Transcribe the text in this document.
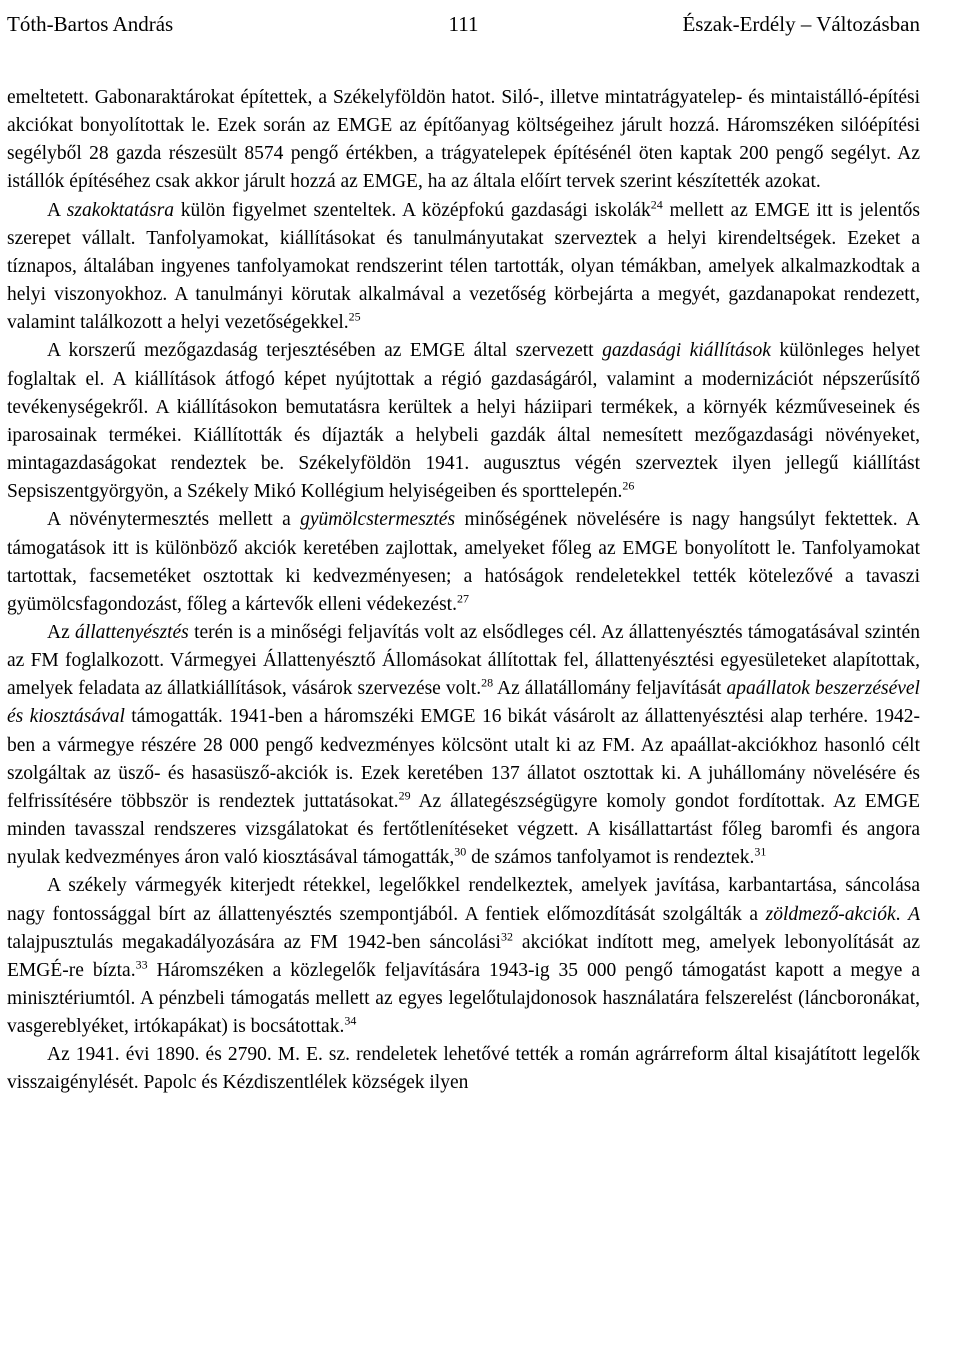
Tóth-Bartos András	111	Észak-Erdély – Változásban

emeltetett. Gabonaraktárokat építettek, a Székelyföldön hatot. Siló-, illetve mintatrágyatelep- és mintaistálló-építési akciókat bonyolítottak le. Ezek során az EMGE az építőanyag költségeihez járult hozzá. Háromszéken silóépítési segélyből 28 gazda részesült 8574 pengő értékben, a trágyatelepek építésénél öten kaptak 200 pengő segélyt. Az istállók építéséhez csak akkor járult hozzá az EMGE, ha az általa előírt tervek szerint készítették azokat.

A szakoktatásra külön figyelmet szenteltek. A középfokú gazdasági iskolák$^{24}$ mellett az EMGE itt is jelentős szerepet vállalt. Tanfolyamokat, kiállításokat és tanulmányutakat szerveztek a helyi kirendeltségek. Ezeket a tíznapos, általában ingyenes tanfolyamokat rendszerint télen tartották, olyan témákban, amelyek alkalmazkodtak a helyi viszonyokhoz. A tanulmányi körutak alkalmával a vezetőség körbejárta a megyét, gazdanapokat rendezett, valamint találkozott a helyi vezetőségekkel.$^{25}$

A korszerű mezőgazdaság terjesztésében az EMGE által szervezett gazdasági kiállítások különleges helyet foglaltak el. A kiállítások átfogó képet nyújtottak a régió gazdaságáról, valamint a modernizációt népszerűsítő tevékenységekről. A kiállításokon bemutatásra kerültek a helyi háziipari termékek, a környék kézműveseinek és iparosainak termékei. Kiállították és díjazták a helybeli gazdák által nemesített mezőgazdasági növényeket, mintagazdaságokat rendeztek be. Székelyföldön 1941. augusztus végén szerveztek ilyen jellegű kiállítást Sepsiszentgyörgyön, a Székely Mikó Kollégium helyiségeiben és sporttelepén.$^{26}$

A növénytermesztés mellett a gyümölcstermesztés minőségének növelésére is nagy hangsúlyt fektettek. A támogatások itt is különböző akciók keretében zajlottak, amelyeket főleg az EMGE bonyolított le. Tanfolyamokat tartottak, facsemetéket osztottak ki kedvezményesen; a hatóságok rendeletekkel tették kötelezővé a tavaszi gyümölcsfagondozást, főleg a kártevők elleni védekezést.$^{27}$

Az állattenyésztés terén is a minőségi feljavítás volt az elsődleges cél. Az állattenyésztés támogatásával szintén az FM foglalkozott. Vármegyei Állattenyésztő Állomásokat állítottak fel, állattenyésztési egyesületeket alapítottak, amelyek feladata az állatkiállítások, vásárok szervezése volt.$^{28}$ Az állatállomány feljavítását apaállatok beszerzésével és kiosztásával támogatták. 1941-ben a háromszéki EMGE 16 bikát vásárolt az állattenyésztési alap terhére. 1942-ben a vármegye részére 28 000 pengő kedvezményes kölcsönt utalt ki az FM. Az apaállat-akciókhoz hasonló célt szolgáltak az üsző- és hasasüsző-akciók is. Ezek keretében 137 állatot osztottak ki. A juhállomány növelésére és felfrissítésére többször is rendeztek juttatásokat.$^{29}$ Az állategészségügyre komoly gondot fordítottak. Az EMGE minden tavasszal rendszeres vizsgálatokat és fertőtlenítéseket végzett. A kisállattartást főleg baromfi és angora nyulak kedvezményes áron való kiosztásával támogatták,$^{30}$ de számos tanfolyamot is rendeztek.$^{31}$

A székely vármegyék kiterjedt rétekkel, legelőkkel rendelkeztek, amelyek javítása, karbantartása, sáncolása nagy fontossággal bírt az állattenyésztés szempontjából. A fentiek előmozdítását szolgálták a zöldmező-akciók. A talajpusztulás megakadályozására az FM 1942-ben sáncolási$^{32}$ akciókat indított meg, amelyek lebonyolítását az EMGÉ-re bízta.$^{33}$ Háromszéken a közlegelők feljavítására 1943-ig 35 000 pengő támogatást kapott a megye a minisztériumtól. A pénzbeli támogatás mellett az egyes legelőtulajdonosok használatára felszerelést (láncboronákat, vasgereblyéket, irtókapákat) is bocsátottak.$^{34}$

Az 1941. évi 1890. és 2790. M. E. sz. rendeletek lehetővé tették a román agrárreform által kisajátított legelők visszaigénylését. Papolc és Kézdiszentlélek községek ilyen
